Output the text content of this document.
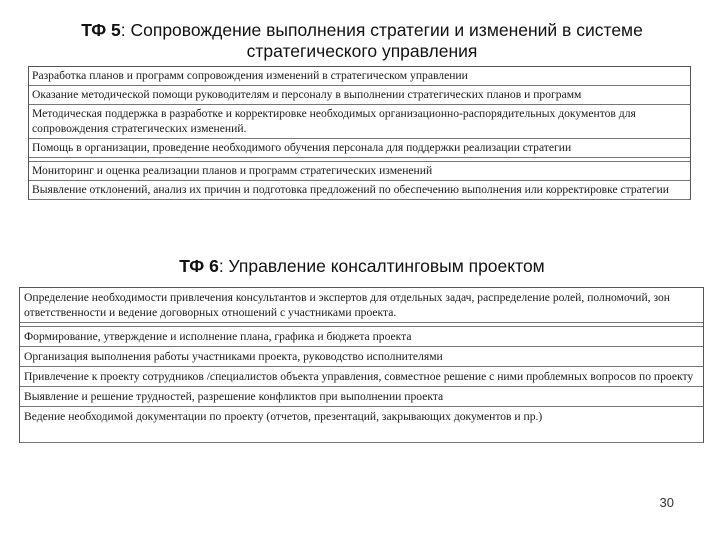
ТФ 5: Сопровождение выполнения стратегии и изменений в системе
стратегического управления
Разработка планов и программ сопровождения изменений в стратегическом управлении
Оказание методической помощи руководителям и персоналу в выполнении стратегических планов и программ
Методическая поддержка в разработке и корректировке необходимых организационно-распорядительных документов для сопровождения стратегических изменений.
Помощь в организации, проведение необходимого обучения персонала для поддержки реализации стратегии
Мониторинг и оценка реализации планов и программ стратегических изменений
Выявление отклонений, анализ их причин и подготовка предложений по обеспечению выполнения или корректировке стратегии
ТФ 6: Управление консалтинговым проектом
Определение необходимости привлечения консультантов и экспертов для отдельных задач, распределение ролей, полномочий, зон ответственности и ведение договорных отношений с участниками проекта.
Формирование, утверждение и исполнение плана, графика и бюджета проекта
Организация выполнения работы участниками проекта, руководство исполнителями
Привлечение к проекту сотрудников /специалистов объекта управления, совместное решение с ними проблемных вопросов по проекту
Выявление и решение трудностей, разрешение конфликтов при выполнении проекта
Ведение необходимой документации по проекту (отчетов, презентаций, закрывающих документов и пр.)
30
